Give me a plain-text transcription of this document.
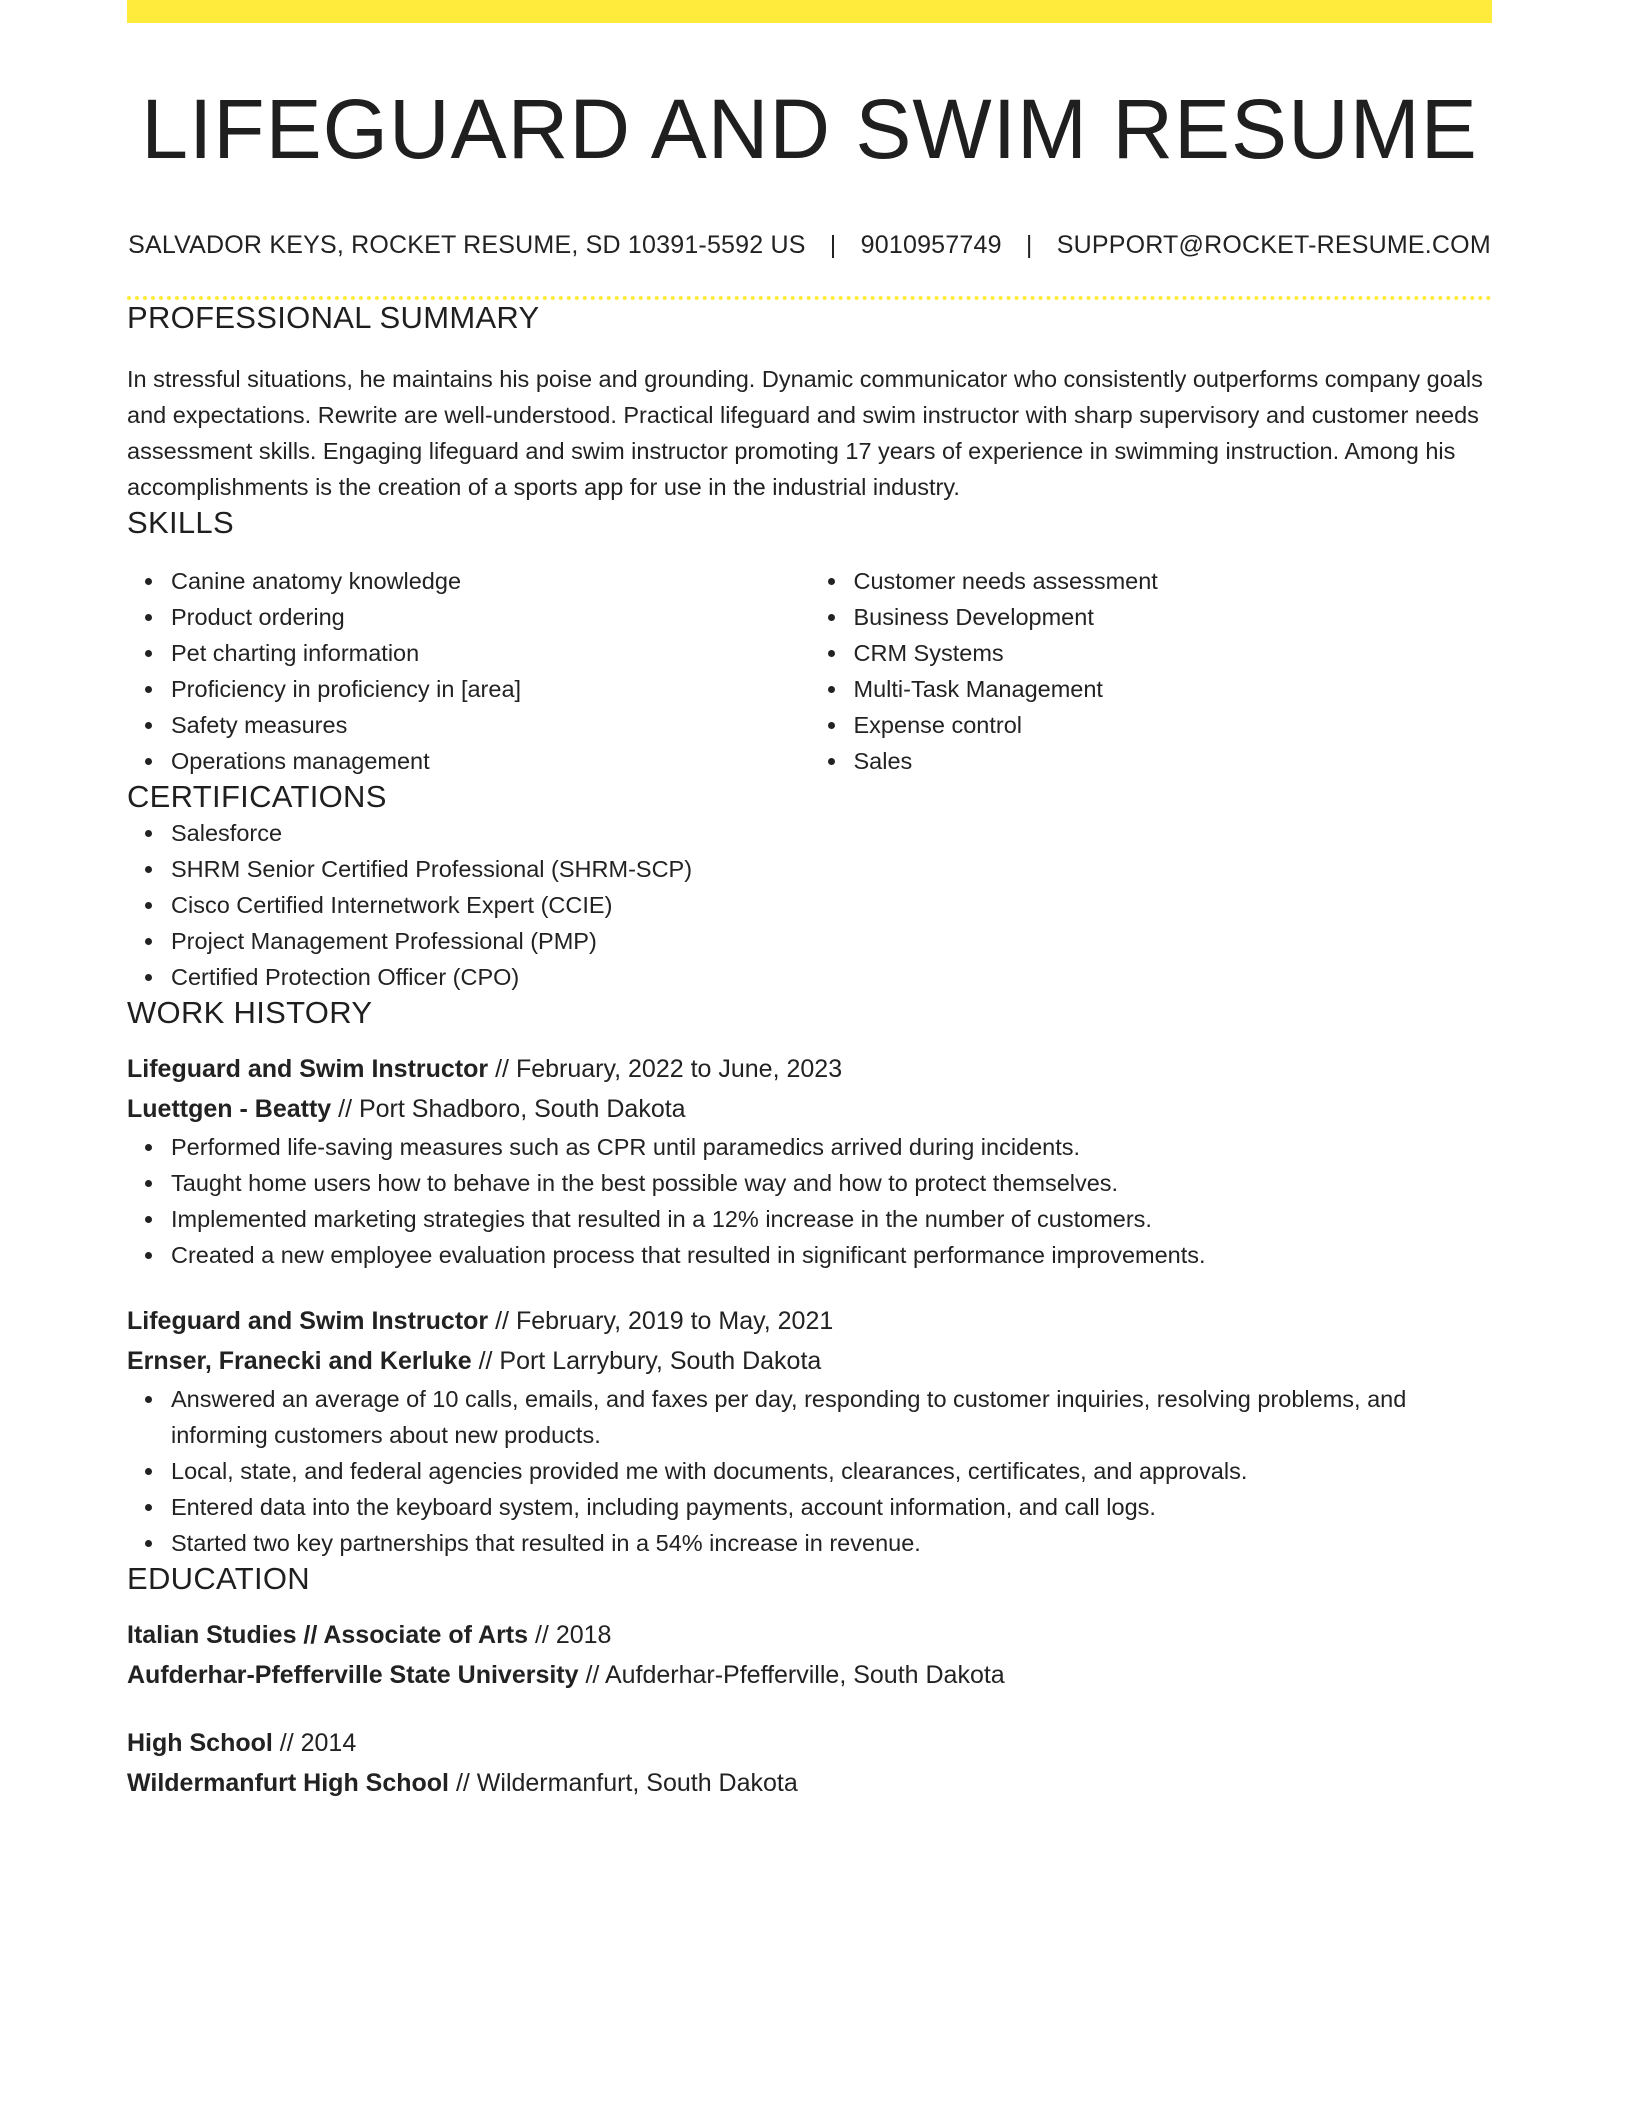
LIFEGUARD AND SWIM RESUME
SALVADOR KEYS, ROCKET RESUME, SD 10391-5592 US | 9010957749 | SUPPORT@ROCKET-RESUME.COM
PROFESSIONAL SUMMARY

In stressful situations, he maintains his poise and grounding. Dynamic communicator who consistently outperforms company goals and expectations. Rewrite are well-understood. Practical lifeguard and swim instructor with sharp supervisory and customer needs assessment skills. Engaging lifeguard and swim instructor promoting 17 years of experience in swimming instruction. Among his accomplishments is the creation of a sports app for use in the industrial industry.

SKILLS
Canine anatomy knowledge
Product ordering
Pet charting information
Proficiency in proficiency in [area]
Safety measures
Operations management
Customer needs assessment
Business Development
CRM Systems
Multi-Task Management
Expense control
Sales
CERTIFICATIONS
Salesforce
SHRM Senior Certified Professional (SHRM-SCP)
Cisco Certified Internetwork Expert (CCIE)
Project Management Professional (PMP)
Certified Protection Officer (CPO)
WORK HISTORY
Lifeguard and Swim Instructor // February, 2022 to June, 2023
Luettgen - Beatty // Port Shadboro, South Dakota
Performed life-saving measures such as CPR until paramedics arrived during incidents.
Taught home users how to behave in the best possible way and how to protect themselves.
Implemented marketing strategies that resulted in a 12% increase in the number of customers.
Created a new employee evaluation process that resulted in significant performance improvements.
Lifeguard and Swim Instructor // February, 2019 to May, 2021
Ernser, Franecki and Kerluke // Port Larrybury, South Dakota
Answered an average of 10 calls, emails, and faxes per day, responding to customer inquiries, resolving problems, and informing customers about new products.
Local, state, and federal agencies provided me with documents, clearances, certificates, and approvals.
Entered data into the keyboard system, including payments, account information, and call logs.
Started two key partnerships that resulted in a 54% increase in revenue.
EDUCATION
Italian Studies // Associate of Arts // 2018
Aufderhar-Pfefferville State University // Aufderhar-Pfefferville, South Dakota
High School // 2014
Wildermanfurt High School // Wildermanfurt, South Dakota
